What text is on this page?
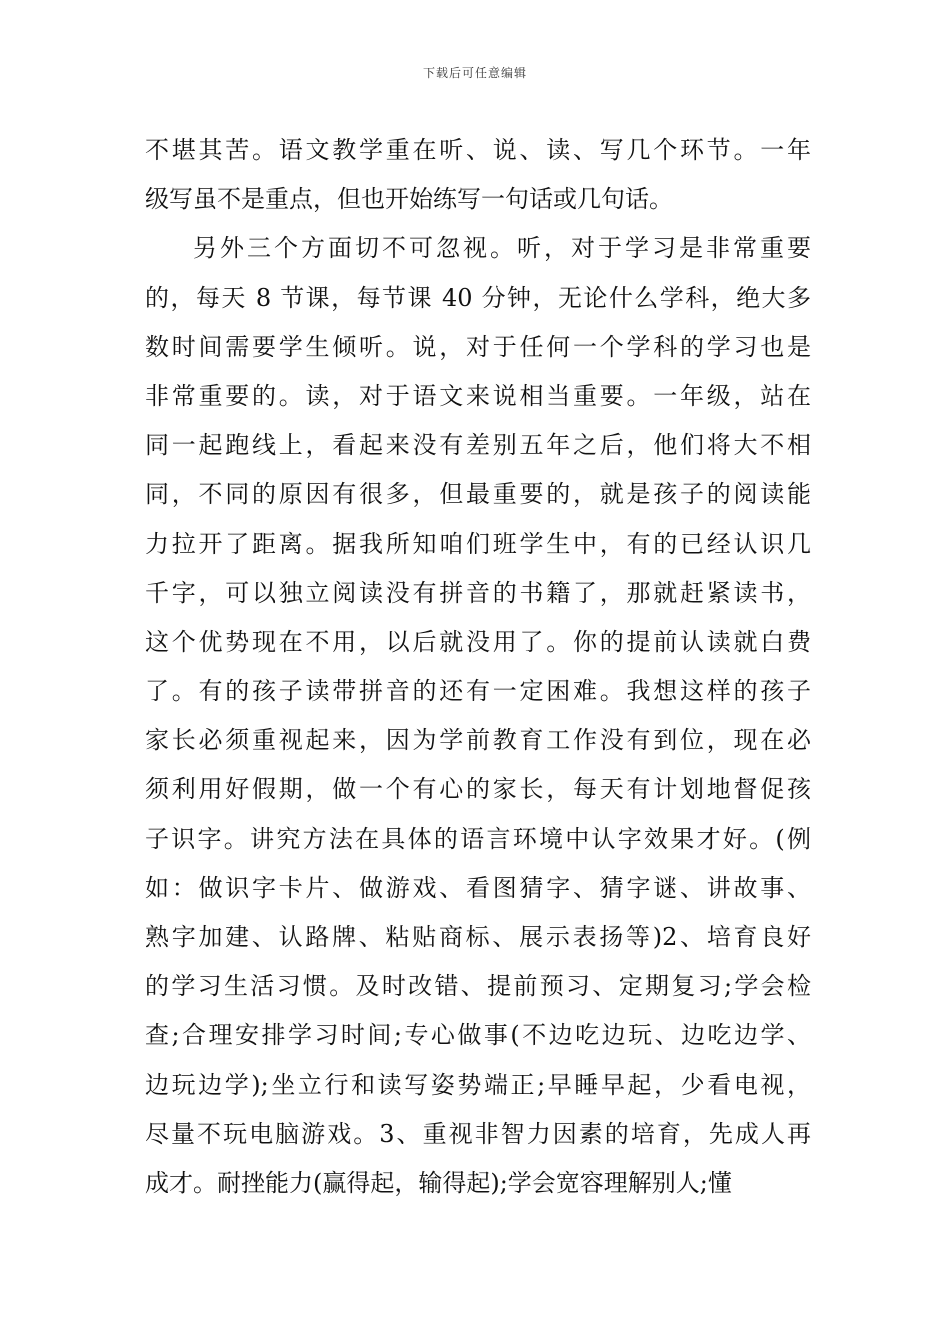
下载后可任意编辑
不堪其苦。语文教学重在听、说、读、写几个环节。一年
级写虽不是重点，但也开始练写一句话或几句话。
另外三个方面切不可忽视。听，对于学习是非常重要
的，每天 8 节课，每节课 40 分钟，无论什么学科，绝大多
数时间需要学生倾听。说，对于任何一个学科的学习也是
非常重要的。读，对于语文来说相当重要。一年级，站在
同一起跑线上，看起来没有差别五年之后，他们将大不相
同，不同的原因有很多，但最重要的，就是孩子的阅读能
力拉开了距离。据我所知咱们班学生中，有的已经认识几
千字，可以独立阅读没有拼音的书籍了，那就赶紧读书，
这个优势现在不用，以后就没用了。你的提前认读就白费
了。有的孩子读带拼音的还有一定困难。我想这样的孩子
家长必须重视起来，因为学前教育工作没有到位，现在必
须利用好假期，做一个有心的家长，每天有计划地督促孩
子识字。讲究方法在具体的语言环境中认字效果才好。(例
如：做识字卡片、做游戏、看图猜字、猜字谜、讲故事、
熟字加建、认路牌、粘贴商标、展示表扬等)2、培育良好
的学习生活习惯。及时改错、提前预习、定期复习;学会检
查;合理安排学习时间;专心做事(不边吃边玩、边吃边学、
边玩边学);坐立行和读写姿势端正;早睡早起，少看电视，
尽量不玩电脑游戏。3、重视非智力因素的培育，先成人再
成才。耐挫能力(赢得起，输得起);学会宽容理解别人;懂
